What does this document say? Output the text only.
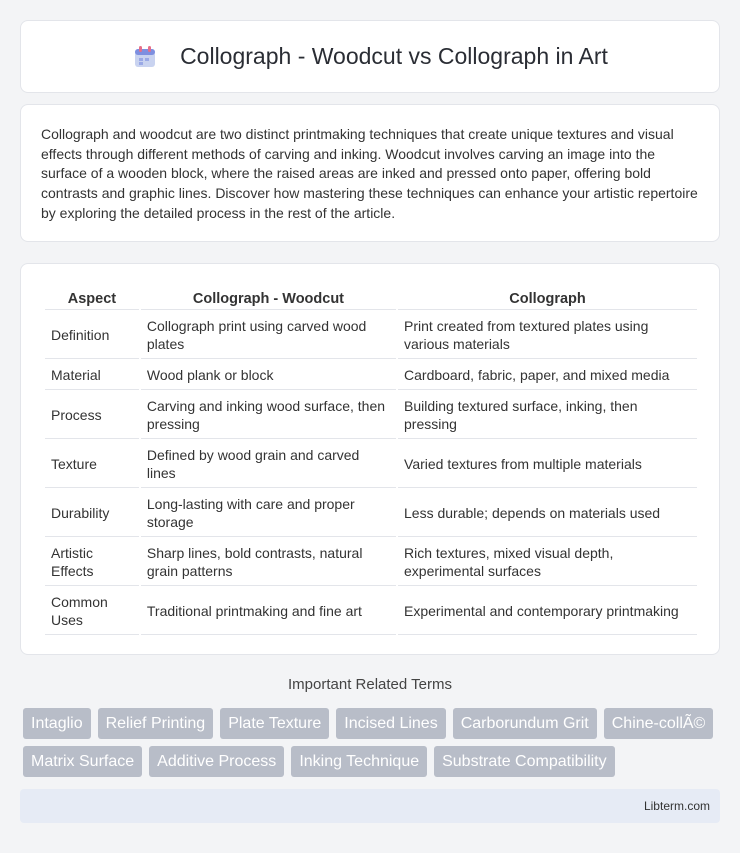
Collograph - Woodcut vs Collograph in Art

Collograph and woodcut are two distinct printmaking techniques that create unique textures and visual effects through different methods of carving and inking. Woodcut involves carving an image into the surface of a wooden block, where the raised areas are inked and pressed onto paper, offering bold contrasts and graphic lines. Discover how mastering these techniques can enhance your artistic repertoire by exploring the detailed process in the rest of the article.

Aspect	Collograph - Woodcut	Collograph
Definition	Collograph print using carved wood plates	Print created from textured plates using various materials
Material	Wood plank or block	Cardboard, fabric, paper, and mixed media
Process	Carving and inking wood surface, then pressing	Building textured surface, inking, then pressing
Texture	Defined by wood grain and carved lines	Varied textures from multiple materials
Durability	Long-lasting with care and proper storage	Less durable; depends on materials used
Artistic Effects	Sharp lines, bold contrasts, natural grain patterns	Rich textures, mixed visual depth, experimental surfaces
Common Uses	Traditional printmaking and fine art	Experimental and contemporary printmaking
Important Related Terms
Intaglio	Relief Printing	Plate Texture	Incised Lines	Carborundum Grit	Chine-collÃ©
Matrix Surface	Additive Process	Inking Technique	Substrate Compatibility
Libterm.com
